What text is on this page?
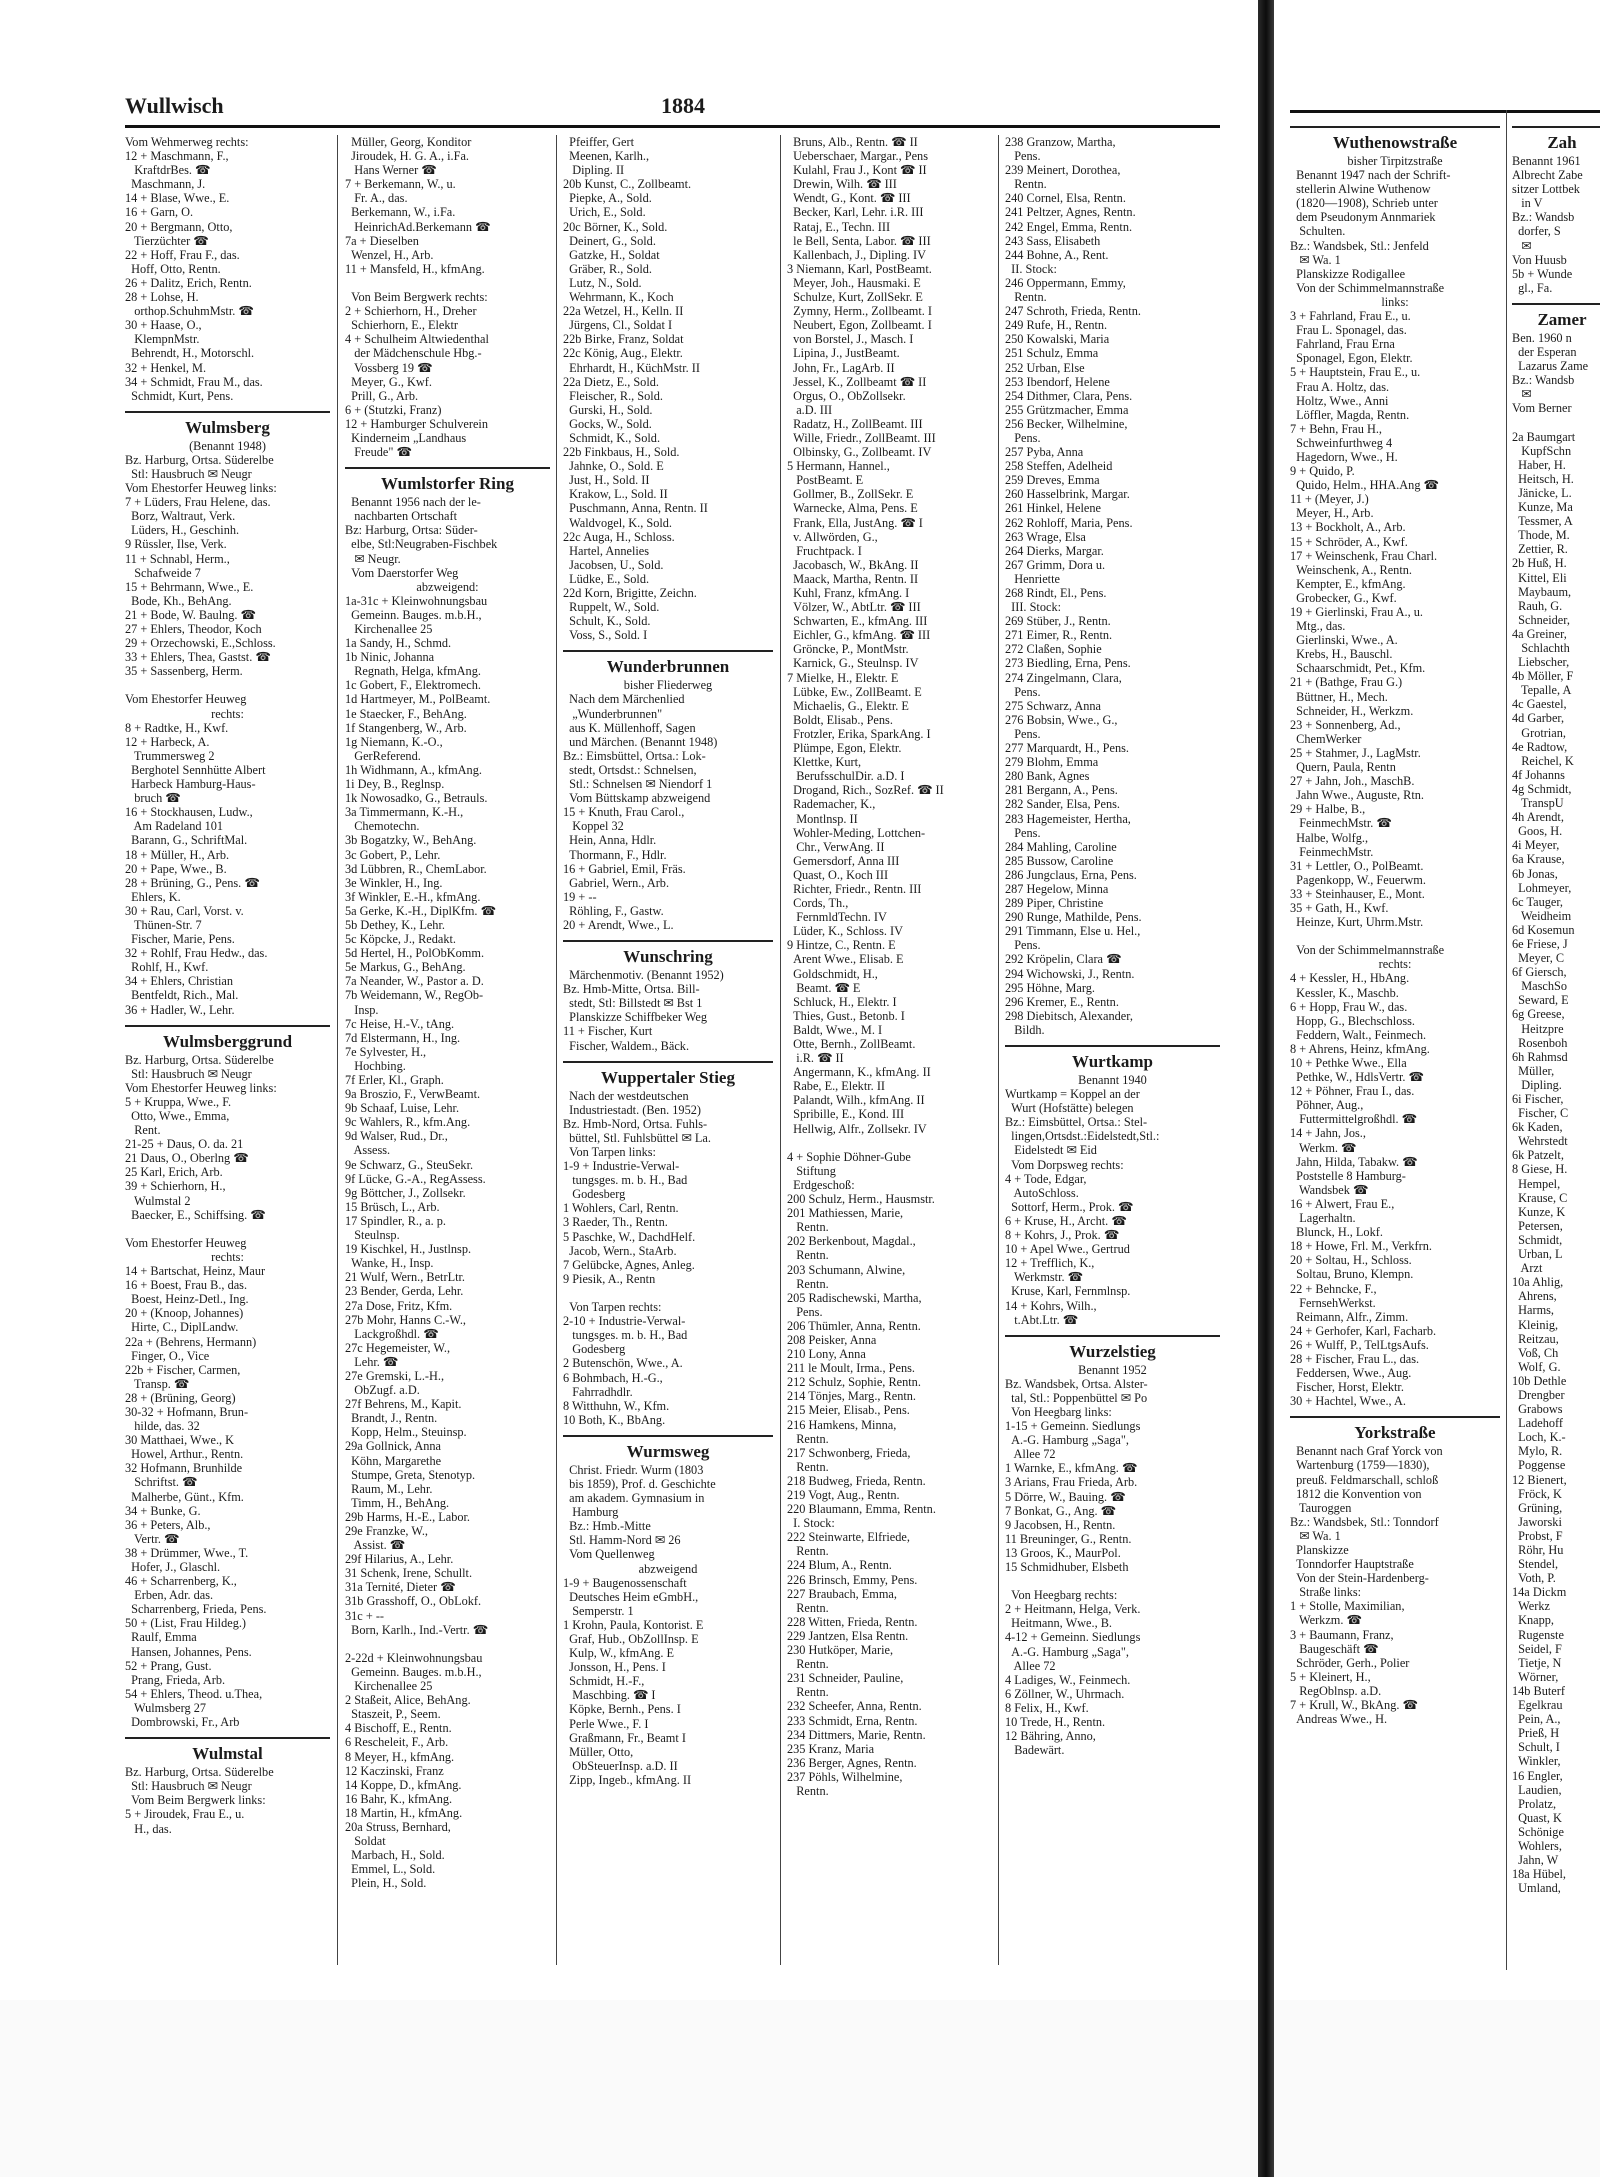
Wullwisch	1884
Vom Wehmerweg rechts:
12 + Maschmann, F.,
KraftdrBes. ☎
Maschmann, J.
14 + Blase, Wwe., E.
16 + Garn, O.
20 + Bergmann, Otto,
Tierzüchter ☎
22 + Hoff, Frau F., das.
Hoff, Otto, Rentn.
26 + Dalitz, Erich, Rentn.
28 + Lohse, H.
orthop.SchuhmMstr. ☎
30 + Haase, O.,
KlempnMstr.
Behrendt, H., Motorschl.
32 + Henkel, M.
34 + Schmidt, Frau M., das.
Schmidt, Kurt, Pens.
Wulmsberg
(Benannt 1948)
Bz. Harburg, Ortsa. Süderelbe
Stl: Hausbruch ✉ Neugr
Vom Ehestorfer Heuweg links:
7 + Lüders, Frau Helene, das.
Borz, Waltraut, Verk.
Lüders, H., Geschinh.
9 Rüssler, Ilse, Verk.
11 + Schnabl, Herm.,
Schafweide 7
15 + Behrmann, Wwe., E.
Bode, Kh., BehAng.
21 + Bode, W. Baulng. ☎
27 + Ehlers, Theodor, Koch
29 + Orzechowski, E.,Schloss.
33 + Ehlers, Thea, Gastst. ☎
35 + Sassenberg, Herm.

Vom Ehestorfer Heuweg
rechts:
8 + Radtke, H., Kwf.
12 + Harbeck, A.
Trummersweg 2
Berghotel Sennhütte Albert
Harbeck Hamburg-Haus-
bruch ☎
16 + Stockhausen, Ludw.,
Am Radeland 101
Barann, G., SchriftMal.
18 + Müller, H., Arb.
20 + Pape, Wwe., B.
28 + Brüning, G., Pens. ☎
Ehlers, K.
30 + Rau, Carl, Vorst. v.
Thünen-Str. 7
Fischer, Marie, Pens.
32 + Rohlf, Frau Hedw., das.
Rohlf, H., Kwf.
34 + Ehlers, Christian
Bentfeldt, Rich., Mal.
36 + Hadler, W., Lehr.
Wulmsberggrund
Bz. Harburg, Ortsa. Süderelbe
Stl: Hausbruch ✉ Neugr
Vom Ehestorfer Heuweg links:
5 + Kruppa, Wwe., F.
Otto, Wwe., Emma,
Rent.
21-25 + Daus, O. da. 21
21 Daus, O., Oberlng ☎
25 Karl, Erich, Arb.
39 + Schierhorn, H.,
Wulmstal 2
Baecker, E., Schiffsing. ☎

Vom Ehestorfer Heuweg
rechts:
14 + Bartschat, Heinz, Maur
16 + Boest, Frau B., das.
Boest, Heinz-Detl., Ing.
20 + (Knoop, Johannes)
Hirte, C., DiplLandw.
22a + (Behrens, Hermann)
Finger, O., Vice
22b + Fischer, Carmen,
Transp. ☎
28 + (Brüning, Georg)
30-32 + Hofmann, Brun-
hilde, das. 32
30 Matthaei, Wwe., K
Howel, Arthur., Rentn.
32 Hofmann, Brunhilde
Schriftst. ☎
Malherbe, Günt., Kfm.
34 + Bunke, G.
36 + Peters, Alb.,
Vertr. ☎
38 + Drümmer, Wwe., T.
Hofer, J., Glaschl.
46 + Scharrenberg, K.,
Erben, Adr. das.
Scharrenberg, Frieda, Pens.
50 + (List, Frau Hildeg.)
Raulf, Emma
Hansen, Johannes, Pens.
52 + Prang, Gust.
Prang, Frieda, Arb.
54 + Ehlers, Theod. u.Thea,
Wulmsberg 27
Dombrowski, Fr., Arb
Wulmstal
Bz. Harburg, Ortsa. Süderelbe
Stl: Hausbruch ✉ Neugr
Vom Beim Bergwerk links:
5 + Jiroudek, Frau E., u.
H., das.
Müller, Georg, Konditor
Jiroudek, H. G. A., i.Fa.
Hans Werner ☎
7 + Berkemann, W., u.
Fr. A., das.
Berkemann, W., i.Fa.
HeinrichAd.Berkemann ☎
7a + Dieselben
Wenzel, H., Arb.
11 + Mansfeld, H., kfmAng.

Von Beim Bergwerk rechts:
2 + Schierhorn, H., Dreher
Schierhorn, E., Elektr
4 + Schulheim Altwiedenthal
der Mädchenschule Hbg.-
Vossberg 19 ☎
Meyer, G., Kwf.
Prill, G., Arb.
6 + (Stutzki, Franz)
12 + Hamburger Schulverein
Kinderneim „Landhaus
Freude" ☎
Wumlstorfer Ring
Benannt 1956 nach der le-
nachbarten Ortschaft
Bz: Harburg, Ortsa: Süder-
elbe, Stl:Neugraben-Fischbek
✉ Neugr.
Vom Daerstorfer Weg
abzweigend:
1a-31c + Kleinwohnungsbau
Gemeinn. Bauges. m.b.H.,
Kirchenallee 25
1a Sandy, H., Schmd.
1b Ninic, Johanna
Regnath, Helga, kfmAng.
1c Gobert, F., Elektromech.
1d Hartmeyer, M., PolBeamt.
1e Staecker, F., BehAng.
1f Stangenberg, W., Arb.
1g Niemann, K.-O.,
GerReferend.
1h Widhmann, A., kfmAng.
1i Dey, B., Reglnsp.
1k Nowosadko, G., Betrauls.
3a Timmermann, K.-H.,
Chemotechn.
3b Bogatzky, W., BehAng.
3c Gobert, P., Lehr.
3d Lübbren, R., ChemLabor.
3e Winkler, H., Ing.
3f Winkler, E.-H., kfmAng.
5a Gerke, K.-H., DiplKfm. ☎
5b Dethey, K., Lehr.
5c Köpcke, J., Redakt.
5d Hertel, H., PolObKomm.
5e Markus, G., BehAng.
7a Neander, W., Pastor a. D.
7b Weidemann, W., RegOb-
Insp.
7c Heise, H.-V., tAng.
7d Elstermann, H., Ing.
7e Sylvester, H.,
Hochbing.
7f Erler, Kl., Graph.
9a Broszio, F., VerwBeamt.
9b Schaaf, Luise, Lehr.
9c Wahlers, R., kfm.Ang.
9d Walser, Rud., Dr.,
Assess.
9e Schwarz, G., SteuSekr.
9f Lücke, G.-A., RegAssess.
9g Böttcher, J., Zollsekr.
15 Brüsch, L., Arb.
17 Spindler, R., a. p.
Steulnsp.
19 Kischkel, H., Justlnsp.
Wanke, H., Insp.
21 Wulf, Wern., BetrLtr.
23 Bender, Gerda, Lehr.
27a Dose, Fritz, Kfm.
27b Mohr, Hanns C.-W.,
Lackgroßhdl. ☎
27c Hegemeister, W.,
Lehr. ☎
27e Gremski, L.-H.,
ObZugf. a.D.
27f Behrens, M., Kapit.
Brandt, J., Rentn.
Kopp, Helm., Steuinsp.
29a Gollnick, Anna
Köhn, Margarethe
Stumpe, Greta, Stenotyp.
Raum, M., Lehr.
Timm, H., BehAng.
29b Harms, H.-E., Labor.
29e Franzke, W.,
Assist. ☎
29f Hilarius, A., Lehr.
31 Schenk, Irene, Schullt.
31a Ternité, Dieter ☎
31b Grasshoff, O., ObLokf.
31c + --
Born, Karlh., Ind.-Vertr. ☎

2-22d + Kleinwohnungsbau
Gemeinn. Bauges. m.b.H.,
Kirchenallee 25
2 Staßeit, Alice, BehAng.
Staszeit, P., Seem.
4 Bischoff, E., Rentn.
6 Rescheleit, F., Arb.
8 Meyer, H., kfmAng.
12 Kaczinski, Franz
14 Koppe, D., kfmAng.
16 Bahr, K., kfmAng.
18 Martin, H., kfmAng.
20a Struss, Bernhard,
Soldat
Marbach, H., Sold.
Emmel, L., Sold.
Plein, H., Sold.
Pfeiffer, Gert
Meenen, Karlh.,
Dipling. II
20b Kunst, C., Zollbeamt.
Piepke, A., Sold.
Urich, E., Sold.
20c Börner, K., Sold.
Deinert, G., Sold.
Gatzke, H., Soldat
Gräber, R., Sold.
Lutz, N., Sold.
Wehrmann, K., Koch
22a Wetzel, H., Kelln. II
Jürgens, Cl., Soldat I
22b Birke, Franz, Soldat
22c König, Aug., Elektr.
Ehrhardt, H., KüchMstr. II
22a Dietz, E., Sold.
Fleischer, R., Sold.
Gurski, H., Sold.
Gocks, W., Sold.
Schmidt, K., Sold.
22b Finkbaus, H., Sold.
Jahnke, O., Sold. E
Just, H., Sold. II
Krakow, L., Sold. II
Puschmann, Anna, Rentn. II
Waldvogel, K., Sold.
22c Auga, H., Schloss.
Hartel, Annelies
Jacobsen, U., Sold.
Lüdke, E., Sold.
22d Korn, Brigitte, Zeichn.
Ruppelt, W., Sold.
Schult, K., Sold.
Voss, S., Sold. I
Wunderbrunnen
bisher Fliederweg
Nach dem Märchenlied
„Wunderbrunnen"
aus K. Müllenhoff, Sagen
und Märchen. (Benannt 1948)
Bz.: Eimsbüttel, Ortsa.: Lok-
stedt, Ortsdst.: Schnelsen,
Stl.: Schnelsen ✉ Niendorf 1
Vom Büttskamp abzweigend
15 + Knuth, Frau Carol.,
Koppel 32
Hein, Anna, Hdlr.
Thormann, F., Hdlr.
16 + Gabriel, Emil, Fräs.
Gabriel, Wern., Arb.
19 + --
Röhling, F., Gastw.
20 + Arendt, Wwe., L.
Wunschring
Märchenmotiv. (Benannt 1952)
Bz. Hmb-Mitte, Ortsa. Bill-
stedt, Stl: Billstedt ✉ Bst 1
Planskizze Schiffbeker Weg
11 + Fischer, Kurt
Fischer, Waldem., Bäck.
Wuppertaler Stieg
Nach der westdeutschen
Industriestadt. (Ben. 1952)
Bz. Hmb-Nord, Ortsa. Fuhls-
büttel, Stl. Fuhlsbüttel ✉ La.
Von Tarpen links:
1-9 + Industrie-Verwal-
tungsges. m. b. H., Bad
Godesberg
1 Wohlers, Carl, Rentn.
3 Raeder, Th., Rentn.
5 Paschke, W., DachdHelf.
Jacob, Wern., StaArb.
7 Gelübcke, Agnes, Anleg.
9 Piesik, A., Rentn

Von Tarpen rechts:
2-10 + Industrie-Verwal-
tungsges. m. b. H., Bad
Godesberg
2 Butenschön, Wwe., A.
6 Bohmbach, H.-G.,
Fahrradhdlr.
8 Witthuhn, W., Kfm.
10 Both, K., BbAng.
Wurmsweg
Christ. Friedr. Wurm (1803
bis 1859), Prof. d. Geschichte
am akadem. Gymnasium in
Hamburg
Bz.: Hmb.-Mitte
Stl. Hamm-Nord ✉ 26
Vom Quellenweg
abzweigend
1-9 + Baugenossenschaft
Deutsches Heim eGmbH.,
Semperstr. 1
1 Krohn, Paula, Kontorist. E
Graf, Hub., ObZollInsp. E
Kulp, W., kfmAng. E
Jonsson, H., Pens. I
Schmidt, H.-F.,
Maschbing. ☎ I
Köpke, Bernh., Pens. I
Perle Wwe., F. I
Graßmann, Fr., Beamt I
Müller, Otto,
ObSteuerInsp. a.D. II
Zipp, Ingeb., kfmAng. II
Bruns, Alb., Rentn. ☎ II
Ueberschaer, Margar., Pens
Kulahl, Frau J., Kont ☎ II
Drewin, Wilh. ☎ III
Wendt, G., Kont. ☎ III
Becker, Karl, Lehr. i.R. III
Rataj, E., Techn. III
le Bell, Senta, Labor. ☎ III
Kallenbach, J., Dipling. IV
3 Niemann, Karl, PostBeamt.
Meyer, Joh., Hausmaki. E
Schulze, Kurt, ZollSekr. E
Zymny, Herm., Zollbeamt. I
Neubert, Egon, Zollbeamt. I
von Borstel, J., Masch. I
Lipina, J., JustBeamt.
John, Fr., LagArb. II
Jessel, K., Zollbeamt ☎ II
Orgus, O., ObZollsekr.
a.D. III
Radatz, H., ZollBeamt. III
Wille, Friedr., ZollBeamt. III
Olbinsky, G., Zollbeamt. IV
5 Hermann, Hannel.,
PostBeamt. E
Gollmer, B., ZollSekr. E
Warnecke, Alma, Pens. E
Frank, Ella, JustAng. ☎ I
v. Allwörden, G.,
Fruchtpack. I
Jacobasch, W., BkAng. II
Maack, Martha, Rentn. II
Kuhl, Franz, kfmAng. I
Völzer, W., AbtLtr. ☎ III
Schwarten, E., kfmAng. III
Eichler, G., kfmAng. ☎ III
Gröncke, P., MontMstr.
Karnick, G., Steulnsp. IV
7 Mielke, H., Elektr. E
Lübke, Ew., ZollBeamt. E
Michaelis, G., Elektr. E
Boldt, Elisab., Pens.
Frotzler, Erika, SparkAng. I
Plümpe, Egon, Elektr.
Klettke, Kurt,
BerufsschulDir. a.D. I
Drogand, Rich., SozRef. ☎ II
Rademacher, K.,
Montlnsp. II
Wohler-Meding, Lottchen-
Chr., VerwAng. II
Gemersdorf, Anna III
Quast, O., Koch III
Richter, Friedr., Rentn. III
Cords, Th.,
FernmldTechn. IV
Lüder, K., Schloss. IV
9 Hintze, C., Rentn. E
Arent Wwe., Elisab. E
Goldschmidt, H.,
Beamt. ☎ E
Schluck, H., Elektr. I
Thies, Gust., Betonb. I
Baldt, Wwe., M. I
Otte, Bernh., ZollBeamt.
i.R. ☎ II
Angermann, K., kfmAng. II
Rabe, E., Elektr. II
Palandt, Wilh., kfmAng. II
Spribille, E., Kond. III
Hellwig, Alfr., Zollsekr. IV

4 + Sophie Döhner-Gube
Stiftung
Erdgeschoß:
200 Schulz, Herm., Hausmstr.
201 Mathiessen, Marie,
Rentn.
202 Berkenbout, Magdal.,
Rentn.
203 Schumann, Alwine,
Rentn.
205 Radischewski, Martha,
Pens.
206 Thümler, Anna, Rentn.
208 Peisker, Anna
210 Lony, Anna
211 le Moult, Irma., Pens.
212 Schulz, Sophie, Rentn.
214 Tönjes, Marg., Rentn.
215 Meier, Elisab., Pens.
216 Hamkens, Minna,
Rentn.
217 Schwonberg, Frieda,
Rentn.
218 Budweg, Frieda, Rentn.
219 Vogt, Aug., Rentn.
220 Blaumann, Emma, Rentn.
I. Stock:
222 Steinwarte, Elfriede,
Rentn.
224 Blum, A., Rentn.
226 Brinsch, Emmy, Pens.
227 Braubach, Emma,
Rentn.
228 Witten, Frieda, Rentn.
229 Jantzen, Elsa Rentn.
230 Hutköper, Marie,
Rentn.
231 Schneider, Pauline,
Rentn.
232 Scheefer, Anna, Rentn.
233 Schmidt, Erna, Rentn.
234 Dittmers, Marie, Rentn.
235 Kranz, Maria
236 Berger, Agnes, Rentn.
237 Pöhls, Wilhelmine,
Rentn.
238 Granzow, Martha,
Pens.
239 Meinert, Dorothea,
Rentn.
240 Cornel, Elsa, Rentn.
241 Peltzer, Agnes, Rentn.
242 Engel, Emma, Rentn.
243 Sass, Elisabeth
244 Bohne, A., Rent.
II. Stock:
246 Oppermann, Emmy,
Rentn.
247 Schroth, Frieda, Rentn.
249 Rufe, H., Rentn.
250 Kowalski, Maria
251 Schulz, Emma
252 Urban, Else
253 Ibendorf, Helene
254 Dithmer, Clara, Pens.
255 Grützmacher, Emma
256 Becker, Wilhelmine,
Pens.
257 Pyba, Anna
258 Steffen, Adelheid
259 Dreves, Emma
260 Hasselbrink, Margar.
261 Hinkel, Helene
262 Rohloff, Maria, Pens.
263 Wrage, Elsa
264 Dierks, Margar.
267 Grimm, Dora u.
Henriette
268 Rindt, El., Pens.
III. Stock:
269 Stüber, J., Rentn.
271 Eimer, R., Rentn.
272 Claßen, Sophie
273 Biedling, Erna, Pens.
274 Zingelmann, Clara,
Pens.
275 Schwarz, Anna
276 Bobsin, Wwe., G.,
Pens.
277 Marquardt, H., Pens.
279 Blohm, Emma
280 Bank, Agnes
281 Bergann, A., Pens.
282 Sander, Elsa, Pens.
283 Hagemeister, Hertha,
Pens.
284 Mahling, Caroline
285 Bussow, Caroline
286 Jungclaus, Erna, Pens.
287 Hegelow, Minna
289 Piper, Christine
290 Runge, Mathilde, Pens.
291 Timmann, Else u. Hel.,
Pens.
292 Kröpelin, Clara ☎
294 Wichowski, J., Rentn.
295 Höhne, Marg.
296 Kremer, E., Rentn.
298 Diebitsch, Alexander,
Bildh.
Wurtkamp
Benannt 1940
Wurtkamp = Koppel an der
Wurt (Hofstätte) belegen
Bz.: Eimsbüttel, Ortsa.: Stel-
lingen,Ortsdst.:Eidelstedt,Stl.:
Eidelstedt ✉ Eid
Vom Dorpsweg rechts:
4 + Tode, Edgar,
AutoSchloss.
Sottorf, Herm., Prok. ☎
6 + Kruse, H., Archt. ☎
8 + Kohrs, J., Prok. ☎
10 + Apel Wwe., Gertrud
12 + Trefflich, K.,
Werkmstr. ☎
Kruse, Karl, Fernmlnsp.
14 + Kohrs, Wilh.,
t.Abt.Ltr. ☎
Wurzelstieg
Benannt 1952
Bz. Wandsbek, Ortsa. Alster-
tal, Stl.: Poppenbüttel ✉ Po
Von Heegbarg links:
1-15 + Gemeinn. Siedlungs
A.-G. Hamburg „Saga",
Allee 72
1 Warnke, E., kfmAng. ☎
3 Arians, Frau Frieda, Arb.
5 Dörre, W., Bauing. ☎
7 Bonkat, G., Ang. ☎
9 Jacobsen, H., Rentn.
11 Breuninger, G., Rentn.
13 Groos, K., MaurPol.
15 Schmidhuber, Elsbeth

Von Heegbarg rechts:
2 + Heitmann, Helga, Verk.
Heitmann, Wwe., B.
4-12 + Gemeinn. Siedlungs
A.-G. Hamburg „Saga",
Allee 72
4 Ladiges, W., Feinmech.
6 Zöllner, W., Uhrmach.
8 Felix, H., Kwf.
10 Trede, H., Rentn.
12 Bähring, Anno,
Badewärt.
Wuthenowstraße
bisher Tirpitzstraße
Benannt 1947 nach der Schrift-
stellerin Alwine Wuthenow
(1820—1908), Schrieb unter
dem Pseudonym Annmariek
Schulten.
Bz.: Wandsbek, Stl.: Jenfeld
✉ Wa. 1
Planskizze Rodigallee
Von der Schimmelmannstraße
links:
3 + Fahrland, Frau E., u.
Frau L. Sponagel, das.
Fahrland, Frau Erna
Sponagel, Egon, Elektr.
5 + Hauptstein, Frau E., u.
Frau A. Holtz, das.
Holtz, Wwe., Anni
Löffler, Magda, Rentn.
7 + Behn, Frau H.,
Schweinfurthweg 4
Hagedorn, Wwe., H.
9 + Quido, P.
Quido, Helm., HHA.Ang ☎
11 + (Meyer, J.)
Meyer, H., Arb.
13 + Bockholt, A., Arb.
15 + Schröder, A., Kwf.
17 + Weinschenk, Frau Charl.
Weinschenk, A., Rentn.
Kempter, E., kfmAng.
Grobecker, G., Kwf.
19 + Gierlinski, Frau A., u.
Mtg., das.
Gierlinski, Wwe., A.
Krebs, H., Bauschl.
Schaarschmidt, Pet., Kfm.
21 + (Bathge, Frau G.)
Büttner, H., Mech.
Schneider, H., Werkzm.
23 + Sonnenberg, Ad.,
ChemWerker
25 + Stahmer, J., LagMstr.
Quern, Paula, Rentn
27 + Jahn, Joh., MaschB.
Jahn Wwe., Auguste, Rtn.
29 + Halbe, B.,
FeinmechMstr. ☎
Halbe, Wolfg.,
FeinmechMstr.
31 + Lettler, O., PolBeamt.
Pagenkopp, W., Feuerwm.
33 + Steinhauser, E., Mont.
35 + Gath, H., Kwf.
Heinze, Kurt, Uhrm.Mstr.

Von der Schimmelmannstraße
rechts:
4 + Kessler, H., HbAng.
Kessler, K., Maschb.
6 + Hopp, Frau W., das.
Hopp, G., Blechschloss.
Feddern, Walt., Feinmech.
8 + Ahrens, Heinz, kfmAng.
10 + Pethke Wwe., Ella
Pethke, W., HdlsVertr. ☎
12 + Pöhner, Frau I., das.
Pöhner, Aug.,
Futtermittelgroßhdl. ☎
14 + Jahn, Jos.,
Werkm. ☎
Jahn, Hilda, Tabakw. ☎
Poststelle 8 Hamburg-
Wandsbek ☎
16 + Alwert, Frau E.,
Lagerhaltn.
Blunck, H., Lokf.
18 + Howe, Frl. M., Verkfrn.
20 + Soltau, H., Schloss.
Soltau, Bruno, Klempn.
22 + Behncke, F.,
FernsehWerkst.
Reimann, Alfr., Zimm.
24 + Gerhofer, Karl, Facharb.
26 + Wulff, P., TelLtgsAufs.
28 + Fischer, Frau L., das.
Feddersen, Wwe., Aug.
Fischer, Horst, Elektr.
30 + Hachtel, Wwe., A.
Yorkstraße
Benannt nach Graf Yorck von
Wartenburg (1759—1830),
preuß. Feldmarschall, schloß
1812 die Konvention von
Tauroggen
Bz.: Wandsbek, Stl.: Tonndorf
✉ Wa. 1
Planskizze
Tonndorfer Hauptstraße
Von der Stein-Hardenberg-
Straße links:
1 + Stolle, Maximilian,
Werkzm. ☎
3 + Baumann, Franz,
Baugeschäft ☎
Schröder, Gerh., Polier
5 + Kleinert, H.,
RegOblnsp. a.D.
7 + Krull, W., BkAng. ☎
Andreas Wwe., H.
Zah
Benannt 1961
Albrecht Zabe
sitzer Lottbek
in V
Bz.: Wandsb
dorfer, S
✉
Von Huusb
5b + Wunde
gl., Fa.
Zamer
Ben. 1960 n
der Esperan
Lazarus Zame
Bz.: Wandsb
✉
Vom Berner

2a Baumgart
KupfSchn
Haber, H.
Heitsch, H.
Jänicke, L.
Kunze, Ma
Tessmer, A
Thode, M.
Zettier, R.
2b Huß, H.
Kittel, Eli
Maybaum,
Rauh, G.
Schneider,
4a Greiner,
Schlachth
Liebscher,
4b Möller, F
Tepalle, A
4c Gaestel,
4d Garber,
Grotrian,
4e Radtow,
Reichel, K
4f Johanns
4g Schmidt,
TranspU
4h Arendt,
Goos, H.
4i Meyer,
6a Krause,
6b Jonas,
Lohmeyer,
6c Tauger,
Weidheim
6d Kosemun
6e Friese, J
Meyer, C
6f Giersch,
MaschSo
Seward, E
6g Greese,
Heitzpre
Rosenboh
6h Rahmsd
Müller,
Dipling.
6i Fischer,
Fischer, C
6k Kaden,
Wehrstedt
6k Patzelt,
8 Giese, H.
Hempel,
Krause, C
Kunze, K
Petersen,
Schmidt,
Urban, L
Arzt
10a Ahlig,
Ahrens,
Harms,
Kleinig,
Reitzau,
Voß, Ch
Wolf, G.
10b Dethle
Drengber
Grabows
Ladehoff
Loch, K.-
Mylo, R.
Poggense
12 Bienert,
Fröck, K
Grüning,
Jaworski
Probst, F
Röhr, Hu
Stendel,
Voth, P.
14a Dickm
Werkz
Knapp,
Rugenste
Seidel, F
Tietje, N
Wörner,
14b Buterf
Egelkrau
Pein, A.,
Prieß, H
Schult, I
Winkler,
16 Engler,
Laudien,
Prolatz,
Quast, K
Schönige
Wohlers,
Jahn, W
18a Hübel,
Umland,
